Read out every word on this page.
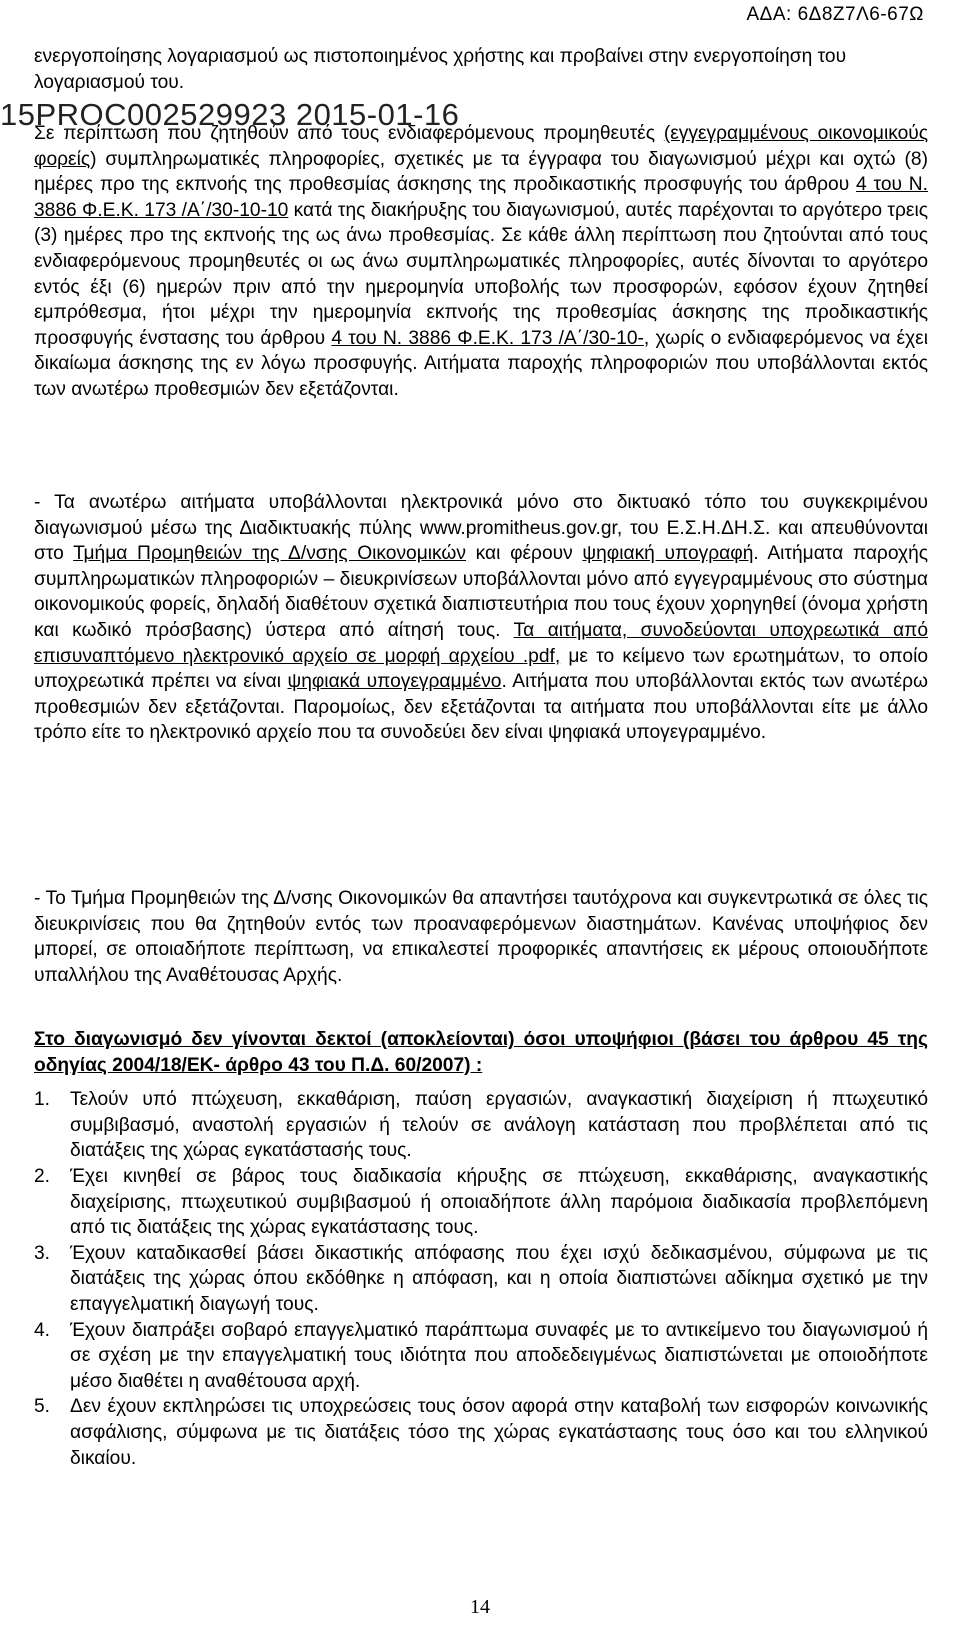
ΑΔΑ: 6Δ8Ζ7Λ6-67Ω
15PROC002529923 2015-01-16

ενεργοποίησης λογαριασμού ως πιστοποιημένος χρήστης και προβαίνει στην ενεργοποίηση του λογαριασμού του.

Σε περίπτωση που ζητηθούν από τους ενδιαφερόμενους προμηθευτές (εγγεγραμμένους οικονομικούς φορείς) συμπληρωματικές πληροφορίες, σχετικές με τα έγγραφα του διαγωνισμού μέχρι και οχτώ (8) ημέρες προ της εκπνοής της προθεσμίας άσκησης της προδικαστικής προσφυγής του άρθρου 4 του Ν. 3886 Φ.Ε.Κ. 173 /Α΄/30-10-10 κατά της διακήρυξης του διαγωνισμού, αυτές παρέχονται το αργότερο τρεις (3) ημέρες προ της εκπνοής της ως άνω προθεσμίας. Σε κάθε άλλη περίπτωση που ζητούνται από τους ενδιαφερόμενους προμηθευτές οι ως άνω συμπληρωματικές πληροφορίες, αυτές δίνονται το αργότερο εντός έξι (6) ημερών πριν από την ημερομηνία υποβολής των προσφορών, εφόσον έχουν ζητηθεί εμπρόθεσμα, ήτοι μέχρι την ημερομηνία εκπνοής της προθεσμίας άσκησης της προδικαστικής προσφυγής ένστασης του άρθρου 4 του Ν. 3886 Φ.Ε.Κ. 173 /Α΄/30-10-, χωρίς ο ενδιαφερόμενος να έχει δικαίωμα άσκησης της εν λόγω προσφυγής. Αιτήματα παροχής πληροφοριών που υποβάλλονται εκτός των ανωτέρω προθεσμιών δεν εξετάζονται.

- Τα ανωτέρω αιτήματα υποβάλλονται ηλεκτρονικά μόνο στο δικτυακό τόπο του συγκεκριμένου διαγωνισμού μέσω της Διαδικτυακής πύλης www.promitheus.gov.gr, του Ε.Σ.Η.ΔΗ.Σ. και απευθύνονται στο Τμήμα Προμηθειών της Δ/νσης Οικονομικών και φέρουν ψηφιακή υπογραφή. Αιτήματα παροχής συμπληρωματικών πληροφοριών – διευκρινίσεων υποβάλλονται μόνο από εγγεγραμμένους στο σύστημα οικονομικούς φορείς, δηλαδή διαθέτουν σχετικά διαπιστευτήρια που τους έχουν χορηγηθεί (όνομα χρήστη και κωδικό πρόσβασης) ύστερα από αίτησή τους. Τα αιτήματα, συνοδεύονται υποχρεωτικά από επισυναπτόμενο ηλεκτρονικό αρχείο σε μορφή αρχείου .pdf, με το κείμενο των ερωτημάτων, το οποίο υποχρεωτικά πρέπει να είναι ψηφιακά υπογεγραμμένο. Αιτήματα που υποβάλλονται εκτός των ανωτέρω προθεσμιών δεν εξετάζονται. Παρομοίως, δεν εξετάζονται τα αιτήματα που υποβάλλονται είτε με άλλο τρόπο είτε το ηλεκτρονικό αρχείο που τα συνοδεύει δεν είναι ψηφιακά υπογεγραμμένο.

- Το Τμήμα Προμηθειών της Δ/νσης Οικονομικών θα απαντήσει ταυτόχρονα και συγκεντρωτικά σε όλες τις διευκρινίσεις που θα ζητηθούν εντός των προαναφερόμενων διαστημάτων. Κανένας υποψήφιος δεν μπορεί, σε οποιαδήποτε περίπτωση, να επικαλεστεί προφορικές απαντήσεις εκ μέρους οποιουδήποτε υπαλλήλου της Αναθέτουσας Αρχής.

Στο διαγωνισμό δεν γίνονται δεκτοί (αποκλείονται) όσοι υποψήφιοι (βάσει του άρθρου 45 της οδηγίας 2004/18/ΕΚ- άρθρο 43 του Π.Δ. 60/2007) :

1. Τελούν υπό πτώχευση, εκκαθάριση, παύση εργασιών, αναγκαστική διαχείριση ή πτωχευτικό συμβιβασμό, αναστολή εργασιών ή τελούν σε ανάλογη κατάσταση που προβλέπεται από τις διατάξεις της χώρας εγκατάστασής τους.
2. Έχει κινηθεί σε βάρος τους διαδικασία κήρυξης σε πτώχευση, εκκαθάρισης, αναγκαστικής διαχείρισης, πτωχευτικού συμβιβασμού ή οποιαδήποτε άλλη παρόμοια διαδικασία προβλεπόμενη από τις διατάξεις της χώρας εγκατάστασης τους.
3. Έχουν καταδικασθεί βάσει δικαστικής απόφασης που έχει ισχύ δεδικασμένου, σύμφωνα με τις διατάξεις της χώρας όπου εκδόθηκε η απόφαση, και η οποία διαπιστώνει αδίκημα σχετικό με την επαγγελματική διαγωγή τους.
4. Έχουν διαπράξει σοβαρό επαγγελματικό παράπτωμα συναφές με το αντικείμενο του διαγωνισμού ή σε σχέση με την επαγγελματική τους ιδιότητα που αποδεδειγμένως διαπιστώνεται με οποιοδήποτε μέσο διαθέτει η αναθέτουσα αρχή.
5. Δεν έχουν εκπληρώσει τις υποχρεώσεις τους όσον αφορά στην καταβολή των εισφορών κοινωνικής ασφάλισης, σύμφωνα με τις διατάξεις τόσο της χώρας εγκατάστασης τους όσο και του ελληνικού δικαίου.
14
